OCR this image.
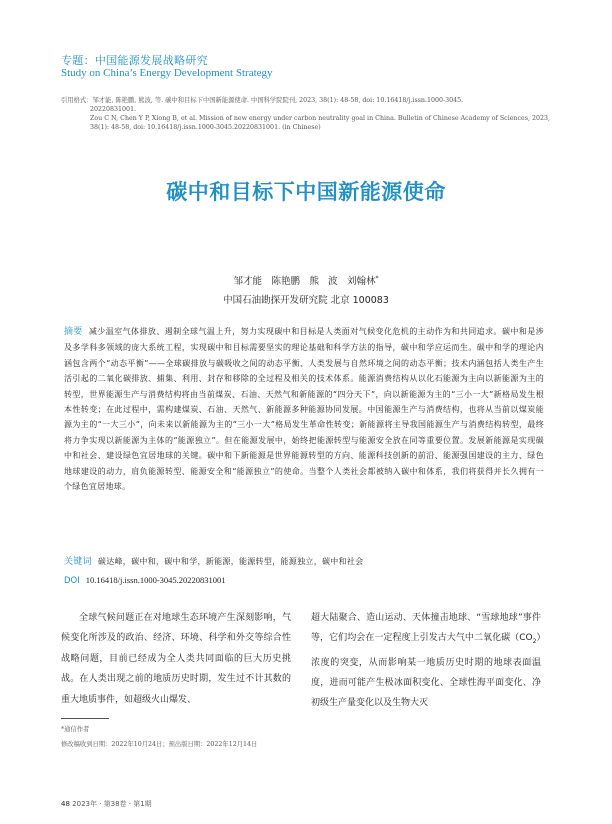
专题：中国能源发展战略研究
Study on China’s Energy Development Strategy
引用格式：邹才能, 陈艳鹏, 熊波, 等. 碳中和目标下中国新能源使命. 中国科学院院刊, 2023, 38(1): 48-58, doi: 10.16418/j.issn.1000-3045.
20220831001.
Zou C N, Chen Y P, Xiong B, et al. Mission of new energy under carbon neutrality goal in China. Bulletin of Chinese Academy of Sciences, 2023,
38(1): 48-58, doi: 10.16418/j.issn.1000-3045.20220831001. (in Chinese)
碳中和目标下中国新能源使命
邹才能　陈艳鹏　熊 波　刘翰林*
中国石油勘探开发研究院 北京 100083
摘要 减少温室气体排放、遏制全球气温上升，努力实现碳中和目标是人类面对气候变化危机的主动作为和共同追求。碳中和是涉及多学科多领域的庞大系统工程，实现碳中和目标需要坚实的理论基础和科学方法的指导，碳中和学应运而生。碳中和学的理论内涵包含两个“动态平衡”——全球碳排放与碳吸收之间的动态平衡、人类发展与自然环境之间的动态平衡；技术内涵包括人类生产生活引起的二氧化碳排放、捕集、利用、封存和移除的全过程及相关的技术体系。能源消费结构从以化石能源为主向以新能源为主的转型，世界能源生产与消费结构将由当前煤炭、石油、天然气和新能源的“四分天下”，向以新能源为主的“三小一大”新格局发生根本性转变；在此过程中，需构建煤炭、石油、天然气、新能源多种能源协同发展。中国能源生产与消费结构，也将从当前以煤炭能源为主的“一大三小”，向未来以新能源为主的“三小一大”格局发生革命性转变；新能源将主导我国能源生产与消费结构转型，最终将力争实现以新能源为主体的“能源独立”。但在能源发展中，始终把能源转型与能源安全放在同等重要位置。发展新能源是实现碳中和社会、建设绿色宜居地球的关键。碳中和下新能源是世界能源转型的方向、能源科技创新的前沿、能源强国建设的主力、绿色地球建设的动力，肩负能源转型、能源安全和“能源独立”的使命。当整个人类社会都被纳入碳中和体系，我们将获得并长久拥有一个绿色宜居地球。
关键词 碳达峰，碳中和，碳中和学，新能源，能源转型，能源独立，碳中和社会
DOI 10.16418/j.issn.1000-3045.20220831001
全球气候问题正在对地球生态环境产生深刻影响，气候变化所涉及的政治、经济、环境、科学和外交等综合性战略问题，目前已经成为全人类共同面临的巨大历史挑战。在人类出现之前的地质历史时期，发生过不计其数的重大地质事件，如超级火山爆发、
超大陆聚合、造山运动、天体撞击地球、“雪球地球”事件等，它们均会在一定程度上引发古大气中二氧化碳$(CO_2)$浓度的突变，从而影响某一地质历史时期的地球表面温度，进而可能产生极冰面积变化、全球性海平面变化、净初级生产量变化以及生物大灭
*通信作者
修改稿收到日期：2022年10月24日；预出版日期：2022年12月14日
48 2023年 · 第38卷 · 第1期
